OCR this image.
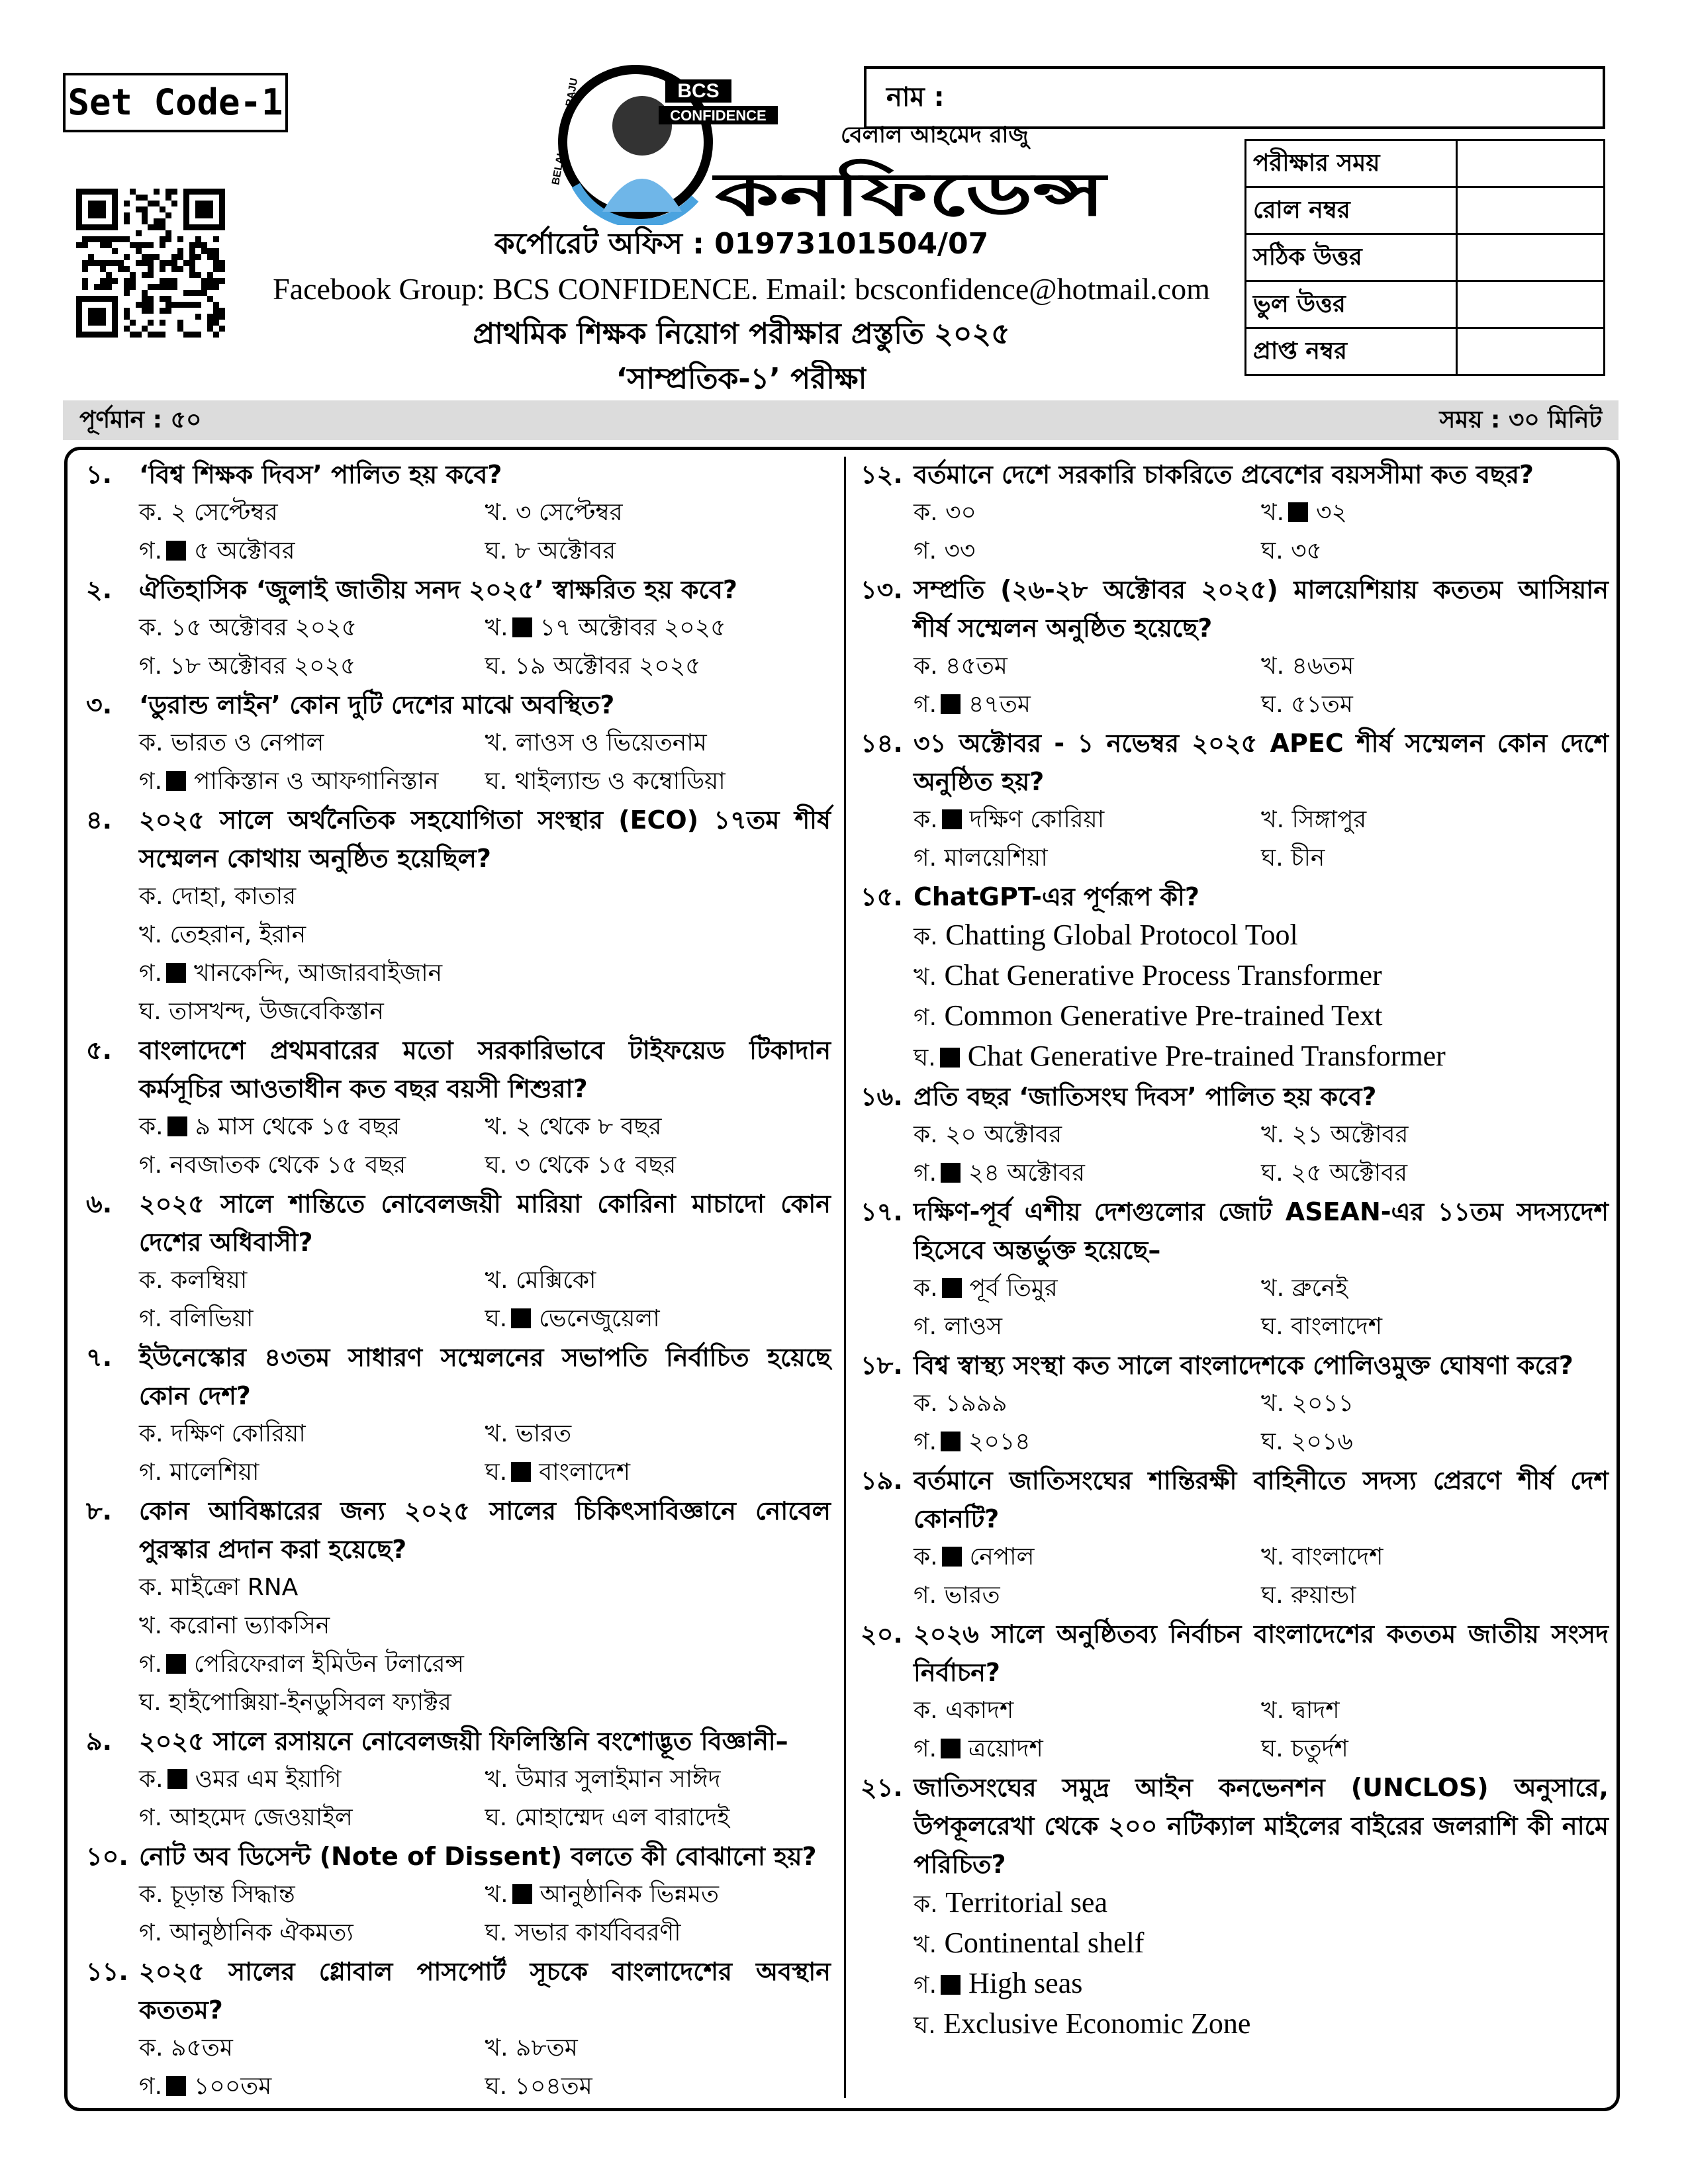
Set Code-1	নাম :
পরীক্ষার সময়	
রোল নম্বর	
সঠিক উত্তর	
ভুল উত্তর	
প্রাপ্ত নম্বর	
BCS
CONFIDENCE
BELAL AHMED RAJU	বেলাল আহমেদ রাজু
কনফিডেন্স
কর্পোরেট অফিস : 01973101504/07
Facebook Group: BCS CONFIDENCE. Email: bcsconfidence@hotmail.com
প্রাথমিক শিক্ষক নিয়োগ পরীক্ষার প্রস্তুতি ২০২৫
‘সাম্প্রতিক-১’ পরীক্ষা
পূর্ণমান : ৫০	সময় : ৩০ মিনিট
১.	‘বিশ্ব শিক্ষক দিবস’ পালিত হয় কবে?
ক. ২ সেপ্টেম্বর	খ. ৩ সেপ্টেম্বর
গ. ৫ অক্টোবর	ঘ. ৮ অক্টোবর
২.	ঐতিহাসিক ‘জুলাই জাতীয় সনদ ২০২৫’ স্বাক্ষরিত হয় কবে?
ক. ১৫ অক্টোবর ২০২৫	খ. ১৭ অক্টোবর ২০২৫
গ. ১৮ অক্টোবর ২০২৫	ঘ. ১৯ অক্টোবর ২০২৫
৩.	‘ডুরান্ড লাইন’ কোন দুটি দেশের মাঝে অবস্থিত?
ক. ভারত ও নেপাল	খ. লাওস ও ভিয়েতনাম
গ. পাকিস্তান ও আফগানিস্তান	ঘ. থাইল্যান্ড ও কম্বোডিয়া
৪.	২০২৫ সালে অর্থনৈতিক সহযোগিতা সংস্থার (ECO) ১৭তম শীর্ষ সম্মেলন কোথায় অনুষ্ঠিত হয়েছিল?
ক. দোহা, কাতার
খ. তেহরান, ইরান
গ. খানকেন্দি, আজারবাইজান
ঘ. তাসখন্দ, উজবেকিস্তান
৫.	বাংলাদেশে প্রথমবারের মতো সরকারিভাবে টাইফয়েড টিকাদান কর্মসূচির আওতাধীন কত বছর বয়সী শিশুরা?
ক. ৯ মাস থেকে ১৫ বছর	খ. ২ থেকে ৮ বছর
গ. নবজাতক থেকে ১৫ বছর	ঘ. ৩ থেকে ১৫ বছর
৬.	২০২৫ সালে শান্তিতে নোবেলজয়ী মারিয়া কোরিনা মাচাদো কোন দেশের অধিবাসী?
ক. কলম্বিয়া	খ. মেক্সিকো
গ. বলিভিয়া	ঘ. ভেনেজুয়েলা
৭.	ইউনেস্কোর ৪৩তম সাধারণ সম্মেলনের সভাপতি নির্বাচিত হয়েছে কোন দেশ?
ক. দক্ষিণ কোরিয়া	খ. ভারত
গ. মালেশিয়া	ঘ. বাংলাদেশ
৮.	কোন আবিষ্কারের জন্য ২০২৫ সালের চিকিৎসাবিজ্ঞানে নোবেল পুরস্কার প্রদান করা হয়েছে?
ক. মাইক্রো RNA
খ. করোনা ভ্যাকসিন
গ. পেরিফেরাল ইমিউন টলারেন্স
ঘ. হাইপোক্সিয়া-ইনডুসিবল ফ্যাক্টর
৯.	২০২৫ সালে রসায়নে নোবেলজয়ী ফিলিস্তিনি বংশোদ্ভূত বিজ্ঞানী–
ক. ওমর এম ইয়াগি	খ. উমার সুলাইমান সাঈদ
গ. আহমেদ জেওয়াইল	ঘ. মোহাম্মেদ এল বারাদেই
১০. নোট অব ডিসেন্ট (Note of Dissent) বলতে কী বোঝানো হয়?
ক. চূড়ান্ত সিদ্ধান্ত	খ. আনুষ্ঠানিক ভিন্নমত
গ. আনুষ্ঠানিক ঐকমত্য	ঘ. সভার কার্যবিবরণী
১১. ২০২৫ সালের গ্লোবাল পাসপোর্ট সূচকে বাংলাদেশের অবস্থান কততম?
ক. ৯৫তম	খ. ৯৮তম
গ. ১০০তম	ঘ. ১০৪তম
১২. বর্তমানে দেশে সরকারি চাকরিতে প্রবেশের বয়সসীমা কত বছর?
ক. ৩০	খ. ৩২
গ. ৩৩	ঘ. ৩৫
১৩. সম্প্রতি (২৬-২৮ অক্টোবর ২০২৫) মালয়েশিয়ায় কততম আসিয়ান শীর্ষ সম্মেলন অনুষ্ঠিত হয়েছে?
ক. ৪৫তম	খ. ৪৬তম
গ. ৪৭তম	ঘ. ৫১তম
১৪. ৩১ অক্টোবর - ১ নভেম্বর ২০২৫ APEC শীর্ষ সম্মেলন কোন দেশে অনুষ্ঠিত হয়?
ক. দক্ষিণ কোরিয়া	খ. সিঙ্গাপুর
গ. মালয়েশিয়া	ঘ. চীন
১৫. ChatGPT-এর পূর্ণরূপ কী?
ক. Chatting Global Protocol Tool
খ. Chat Generative Process Transformer
গ. Common Generative Pre-trained Text
ঘ. Chat Generative Pre-trained Transformer
১৬. প্রতি বছর ‘জাতিসংঘ দিবস’ পালিত হয় কবে?
ক. ২০ অক্টোবর	খ. ২১ অক্টোবর
গ. ২৪ অক্টোবর	ঘ. ২৫ অক্টোবর
১৭. দক্ষিণ-পূর্ব এশীয় দেশগুলোর জোট ASEAN-এর ১১তম সদস্যদেশ হিসেবে অন্তর্ভুক্ত হয়েছে–
ক. পূর্ব তিমুর	খ. ব্রুনেই
গ. লাওস	ঘ. বাংলাদেশ
১৮. বিশ্ব স্বাস্থ্য সংস্থা কত সালে বাংলাদেশকে পোলিওমুক্ত ঘোষণা করে?
ক. ১৯৯৯	খ. ২০১১
গ. ২০১৪	ঘ. ২০১৬
১৯. বর্তমানে জাতিসংঘের শান্তিরক্ষী বাহিনীতে সদস্য প্রেরণে শীর্ষ দেশ কোনটি?
ক. নেপাল	খ. বাংলাদেশ
গ. ভারত	ঘ. রুয়ান্ডা
২০. ২০২৬ সালে অনুষ্ঠিতব্য নির্বাচন বাংলাদেশের কততম জাতীয় সংসদ নির্বাচন?
ক. একাদশ	খ. দ্বাদশ
গ. ত্রয়োদশ	ঘ. চতুর্দশ
২১. জাতিসংঘের সমুদ্র আইন কনভেনশন (UNCLOS) অনুসারে, উপকূলরেখা থেকে ২০০ নটিক্যাল মাইলের বাইরের জলরাশি কী নামে পরিচিত?
ক. Territorial sea
খ. Continental shelf
গ. High seas
ঘ. Exclusive Economic Zone
